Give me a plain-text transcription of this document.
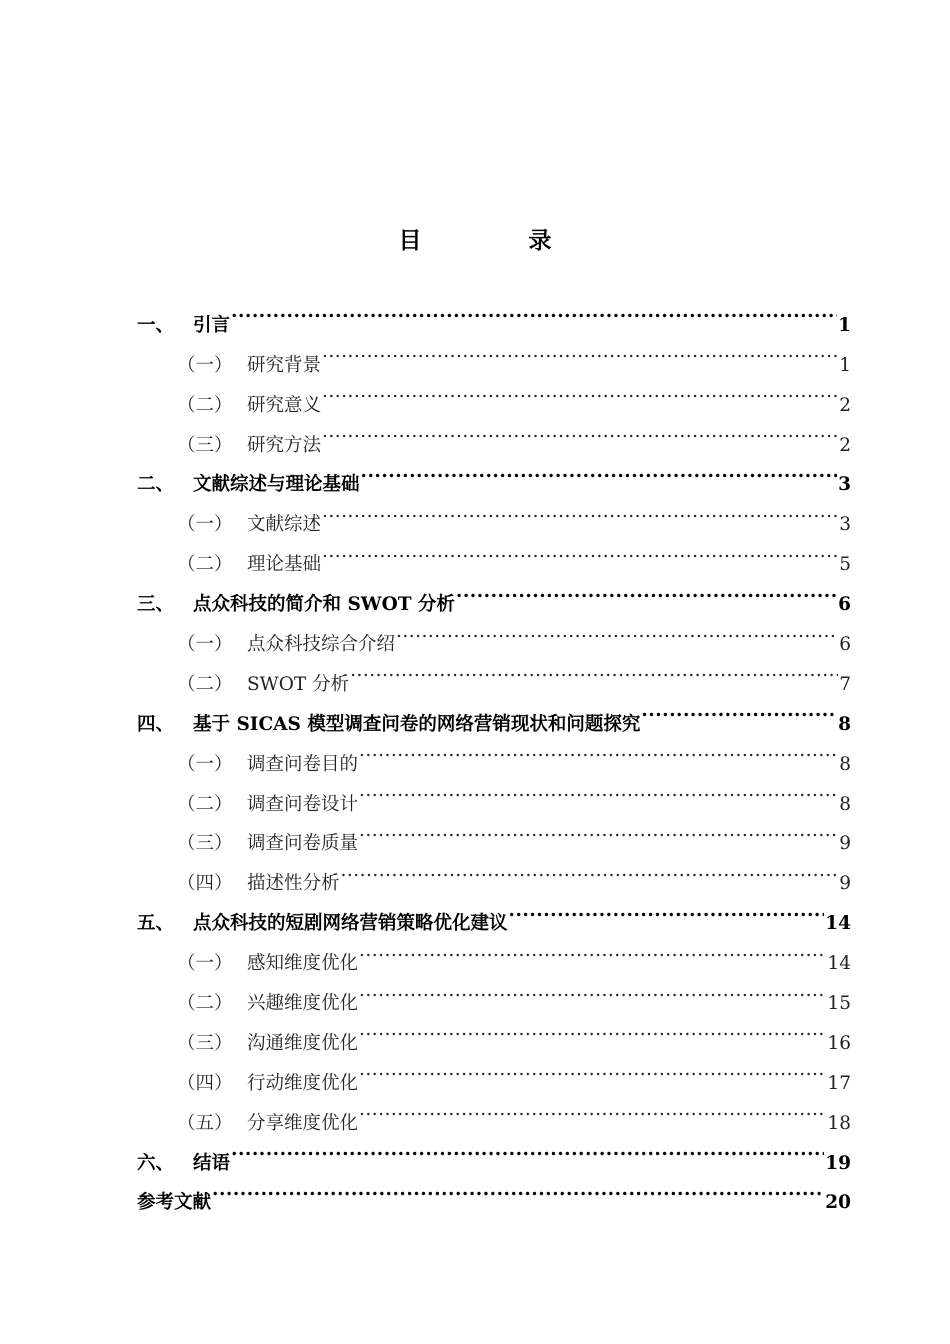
目　录
一、	引言 .....	1
（一） 研究背景 .....	1
（二） 研究意义 .....	2
（三） 研究方法 .....	2
二、	文献综述与理论基础 .....	3
（一） 文献综述 .....	3
（二） 理论基础 .....	5
三、	点众科技的简介和 SWOT 分析 .....	6
（一） 点众科技综合介绍 .....	6
（二） SWOT 分析 .....	7
四、	基于 SICAS 模型调查问卷的网络营销现状和问题探究 .....	8
（一） 调查问卷目的 .....	8
（二） 调查问卷设计 .....	8
（三） 调查问卷质量 .....	9
（四） 描述性分析 .....	9
五、	点众科技的短剧网络营销策略优化建议 .....	14
（一） 感知维度优化 .....	14
（二） 兴趣维度优化 .....	15
（三） 沟通维度优化 .....	16
（四） 行动维度优化 .....	17
（五） 分享维度优化 .....	18
六、	结语 .....	19
参考文献 .....	20
